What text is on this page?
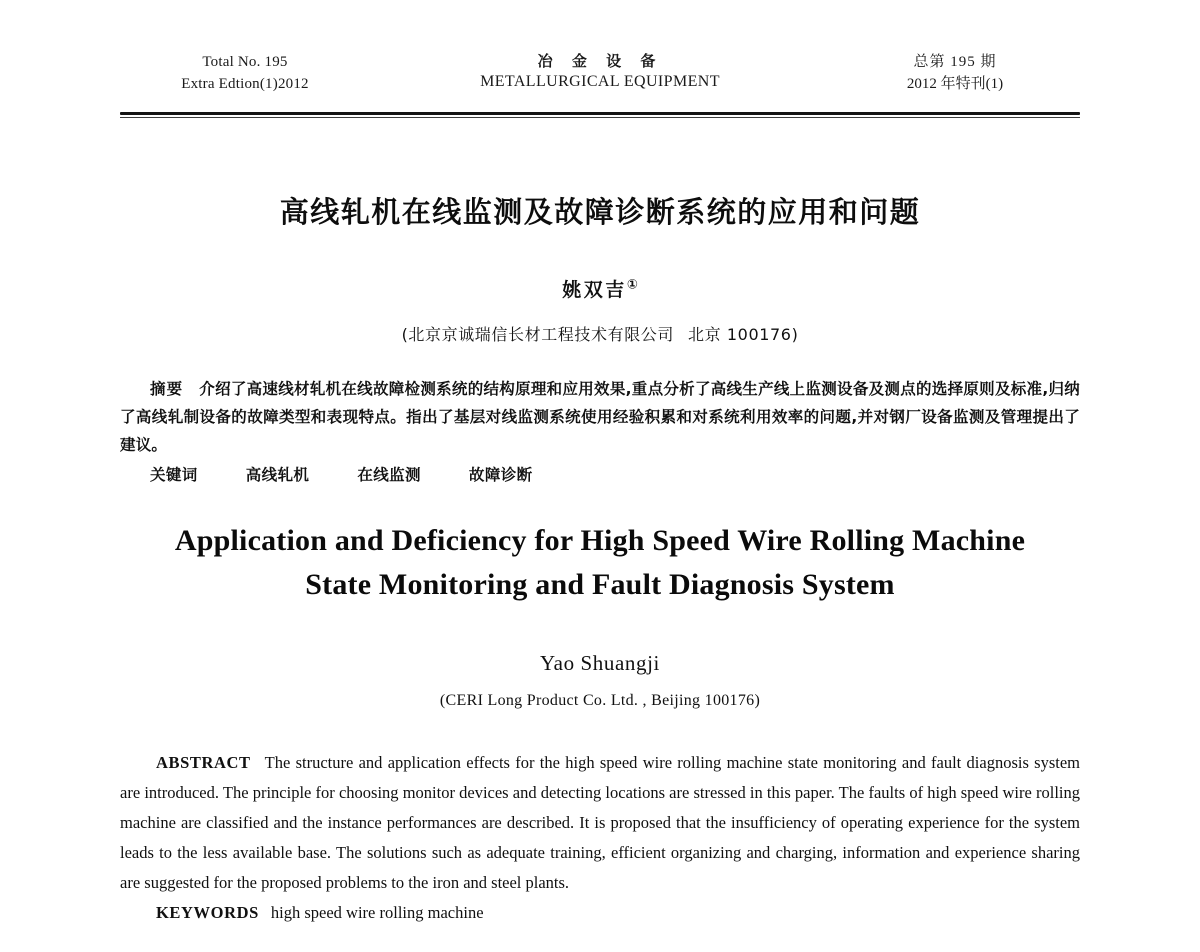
Total No. 195
Extra Edtion(1)2012
冶 金 设 备
METALLURGICAL EQUIPMENT
总第 195 期
2012 年特刊(1)
高线轧机在线监测及故障诊断系统的应用和问题
姚双吉①
(北京京诚瑞信长材工程技术有限公司 北京 100176)

摘要 介绍了高速线材轧机在线故障检测系统的结构原理和应用效果,重点分析了高线生产线上监测设备及测点的选择原则及标准,归纳了高线轧制设备的故障类型和表现特点。指出了基层对线监测系统使用经验积累和对系统利用效率的问题,并对钢厂设备监测及管理提出了建议。

关键词	高线轧机	在线监测	故障诊断
Application and Deficiency for High Speed Wire Rolling Machine
State Monitoring and Fault Diagnosis System
Yao Shuangji
(CERI Long Product Co. Ltd. , Beijing 100176)

ABSTRACT The structure and application effects for the high speed wire rolling machine state monitoring and fault diagnosis system are introduced. The principle for choosing monitor devices and detecting locations are stressed in this paper. The faults of high speed wire rolling machine are classified and the instance performances are described. It is proposed that the insufficiency of operating experience for the system leads to the less available base. The solutions such as adequate training, efficient organizing and charging, information and experience sharing are suggested for the proposed problems to the iron and steel plants.

KEYWORDS high speed wire rolling machine
